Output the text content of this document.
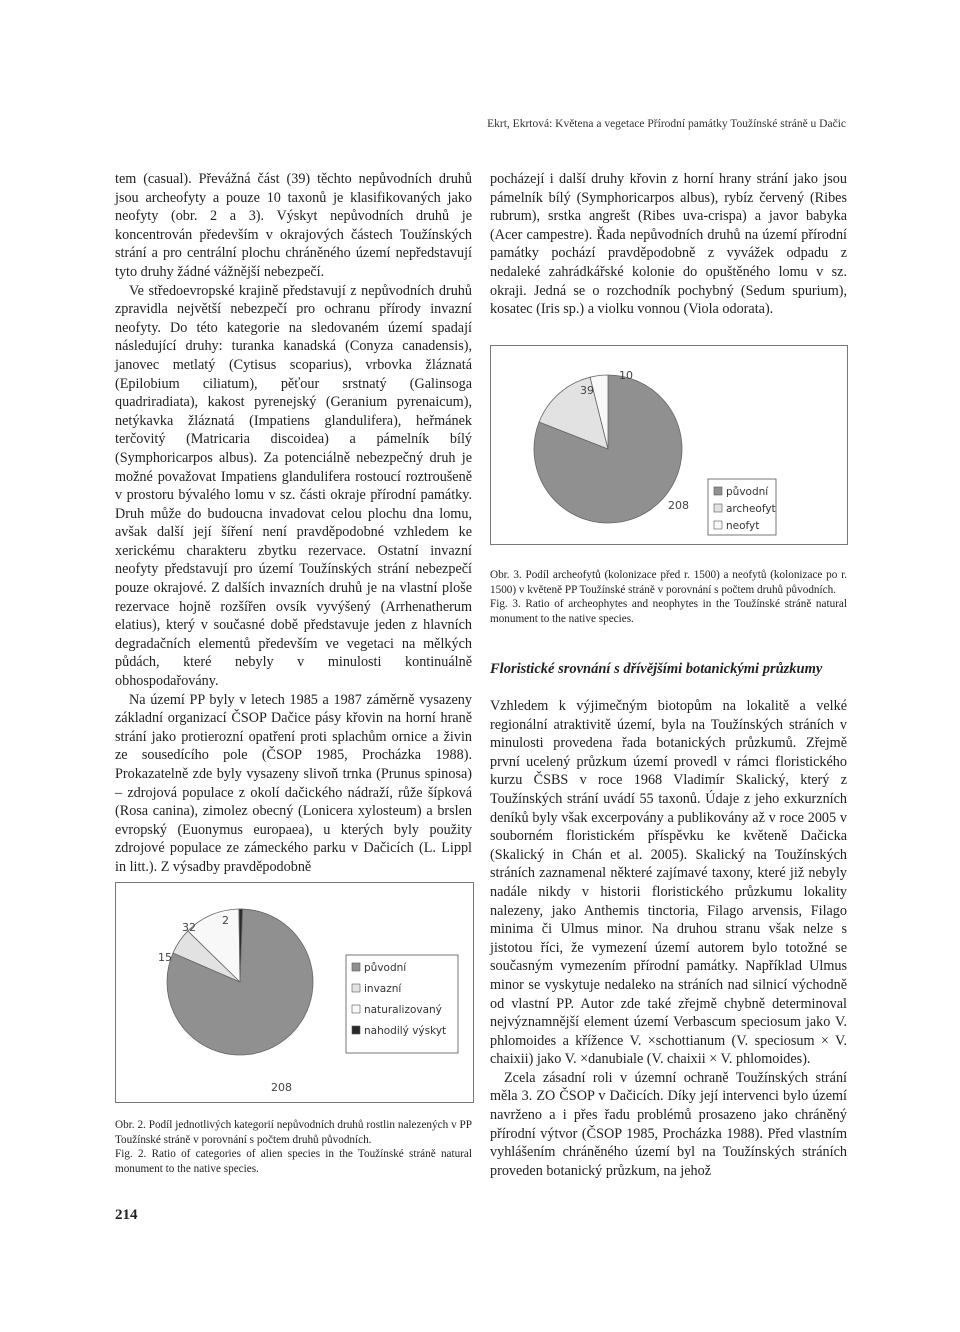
Ekrt, Ekrtová: Květena a vegetace Přírodní památky Toužínské stráně u Dačic

tem (casual). Převážná část (39) těchto nepůvodních druhů jsou archeofyty a pouze 10 taxonů je klasifikovaných jako neofyty (obr. 2 a 3). Výskyt nepůvodních druhů je koncentrován především v okrajových částech Toužínských strání a pro centrální plochu chráněného území nepředstavují tyto druhy žádné vážnější nebezpečí.

Ve středoevropské krajině představují z nepůvodních druhů zpravidla největší nebezpečí pro ochranu přírody invazní neofyty. Do této kategorie na sledovaném území spadají následující druhy: turanka kanadská (Conyza canadensis), janovec metlatý (Cytisus scoparius), vrbovka žláznatá (Epilobium ciliatum), pěťour srstnatý (Galinsoga quadriradiata), kakost pyrenejský (Geranium pyrenaicum), netýkavka žláznatá (Impatiens glandulifera), heřmánek terčovitý (Matricaria discoidea) a pámelník bílý (Symphoricarpos albus). Za potenciálně nebezpečný druh je možné považovat Impatiens glandulifera rostoucí roztroušeně v prostoru bývalého lomu v sz. části okraje přírodní památky. Druh může do budoucna invadovat celou plochu dna lomu, avšak další její šíření není pravděpodobné vzhledem ke xerickému charakteru zbytku rezervace. Ostatní invazní neofyty představují pro území Toužínských strání nebezpečí pouze okrajové. Z dalších invazních druhů je na vlastní ploše rezervace hojně rozšířen ovsík vyvýšený (Arrhenatherum elatius), který v současné době představuje jeden z hlavních degradačních elementů především ve vegetaci na mělkých půdách, které nebyly v minulosti kontinuálně obhospodařovány.

Na území PP byly v letech 1985 a 1987 záměrně vysazeny základní organizací ČSOP Dačice pásy křovin na horní hraně strání jako protierozní opatření proti splachům ornice a živin ze sousedícího pole (ČSOP 1985, Procházka 1988). Prokazatelně zde byly vysazeny slivoň trnka (Prunus spinosa) – zdrojová populace z okolí dačického nádraží, růže šípková (Rosa canina), zimolez obecný (Lonicera xylosteum) a brslen evropský (Euonymus europaea), u kterých byly použity zdrojové populace ze zámeckého parku v Dačicích (L. Lippl in litt.). Z výsadby pravděpodobně

pocházejí i další druhy křovin z horní hrany strání jako jsou pámelník bílý (Symphoricarpos albus), rybíz červený (Ribes rubrum), srstka angrešt (Ribes uva-crispa) a javor babyka (Acer campestre). Řada nepůvodních druhů na území přírodní památky pochází pravděpodobně z vyvážek odpadu z nedaleké zahrádkářské kolonie do opuštěného lomu v sz. okraji. Jedná se o rozchodník pochybný (Sedum spurium), kosatec (Iris sp.) a violku vonnou (Viola odorata).

208
39
10
původní
archeofyt
neofyt

Obr. 3. Podíl archeofytů (kolonizace před r. 1500) a neofytů (kolonizace po r. 1500) v květeně PP Toužínské stráně v porovnání s počtem druhů původních.

Fig. 3. Ratio of archeophytes and neophytes in the Toužínské stráně natural monument to the native species.

Floristické srovnání s dřívějšími botanickými průzkumy

Vzhledem k výjimečným biotopům na lokalitě a velké regionální atraktivitě území, byla na Toužínských stráních v minulosti provedena řada botanických průzkumů. Zřejmě první ucelený průzkum území provedl v rámci floristického kurzu ČSBS v roce 1968 Vladimír Skalický, který z Toužínských strání uvádí 55 taxonů. Údaje z jeho exkurzních deníků byly však excerpovány a publikovány až v roce 2005 v souborném floristickém příspěvku ke květeně Dačicka (Skalický in Chán et al. 2005). Skalický na Toužínských stráních zaznamenal některé zajímavé taxony, které již nebyly nadále nikdy v historii floristického průzkumu lokality nalezeny, jako Anthemis tinctoria, Filago arvensis, Filago minima či Ulmus minor. Na druhou stranu však nelze s jistotou říci, že vymezení území autorem bylo totožné se současným vymezením přírodní památky. Například Ulmus minor se vyskytuje nedaleko na stráních nad silnicí východně od vlastní PP. Autor zde také zřejmě chybně determinoval nejvýznamnější element území Verbascum speciosum jako V. phlomoides a křížence V. ×schottianum (V. speciosum × V. chaixii) jako V. ×danubiale (V. chaixii × V. phlomoides).

Zcela zásadní roli v územní ochraně Toužínských strání měla 3. ZO ČSOP v Dačicích. Díky její intervenci bylo území navrženo a i přes řadu problémů prosazeno jako chráněný přírodní výtvor (ČSOP 1985, Procházka 1988). Před vlastním vyhlášením chráněného území byl na Toužínských stráních proveden botanický průzkum, na jehož

208
15
32
2
původní
invazní
naturalizovaný
nahodilý výskyt

Obr. 2. Podíl jednotlivých kategorií nepůvodních druhů rostlin nalezených v PP Toužínské stráně v porovnání s počtem druhů původních.

Fig. 2. Ratio of categories of alien species in the Toužínské stráně natural monument to the native species.

214
